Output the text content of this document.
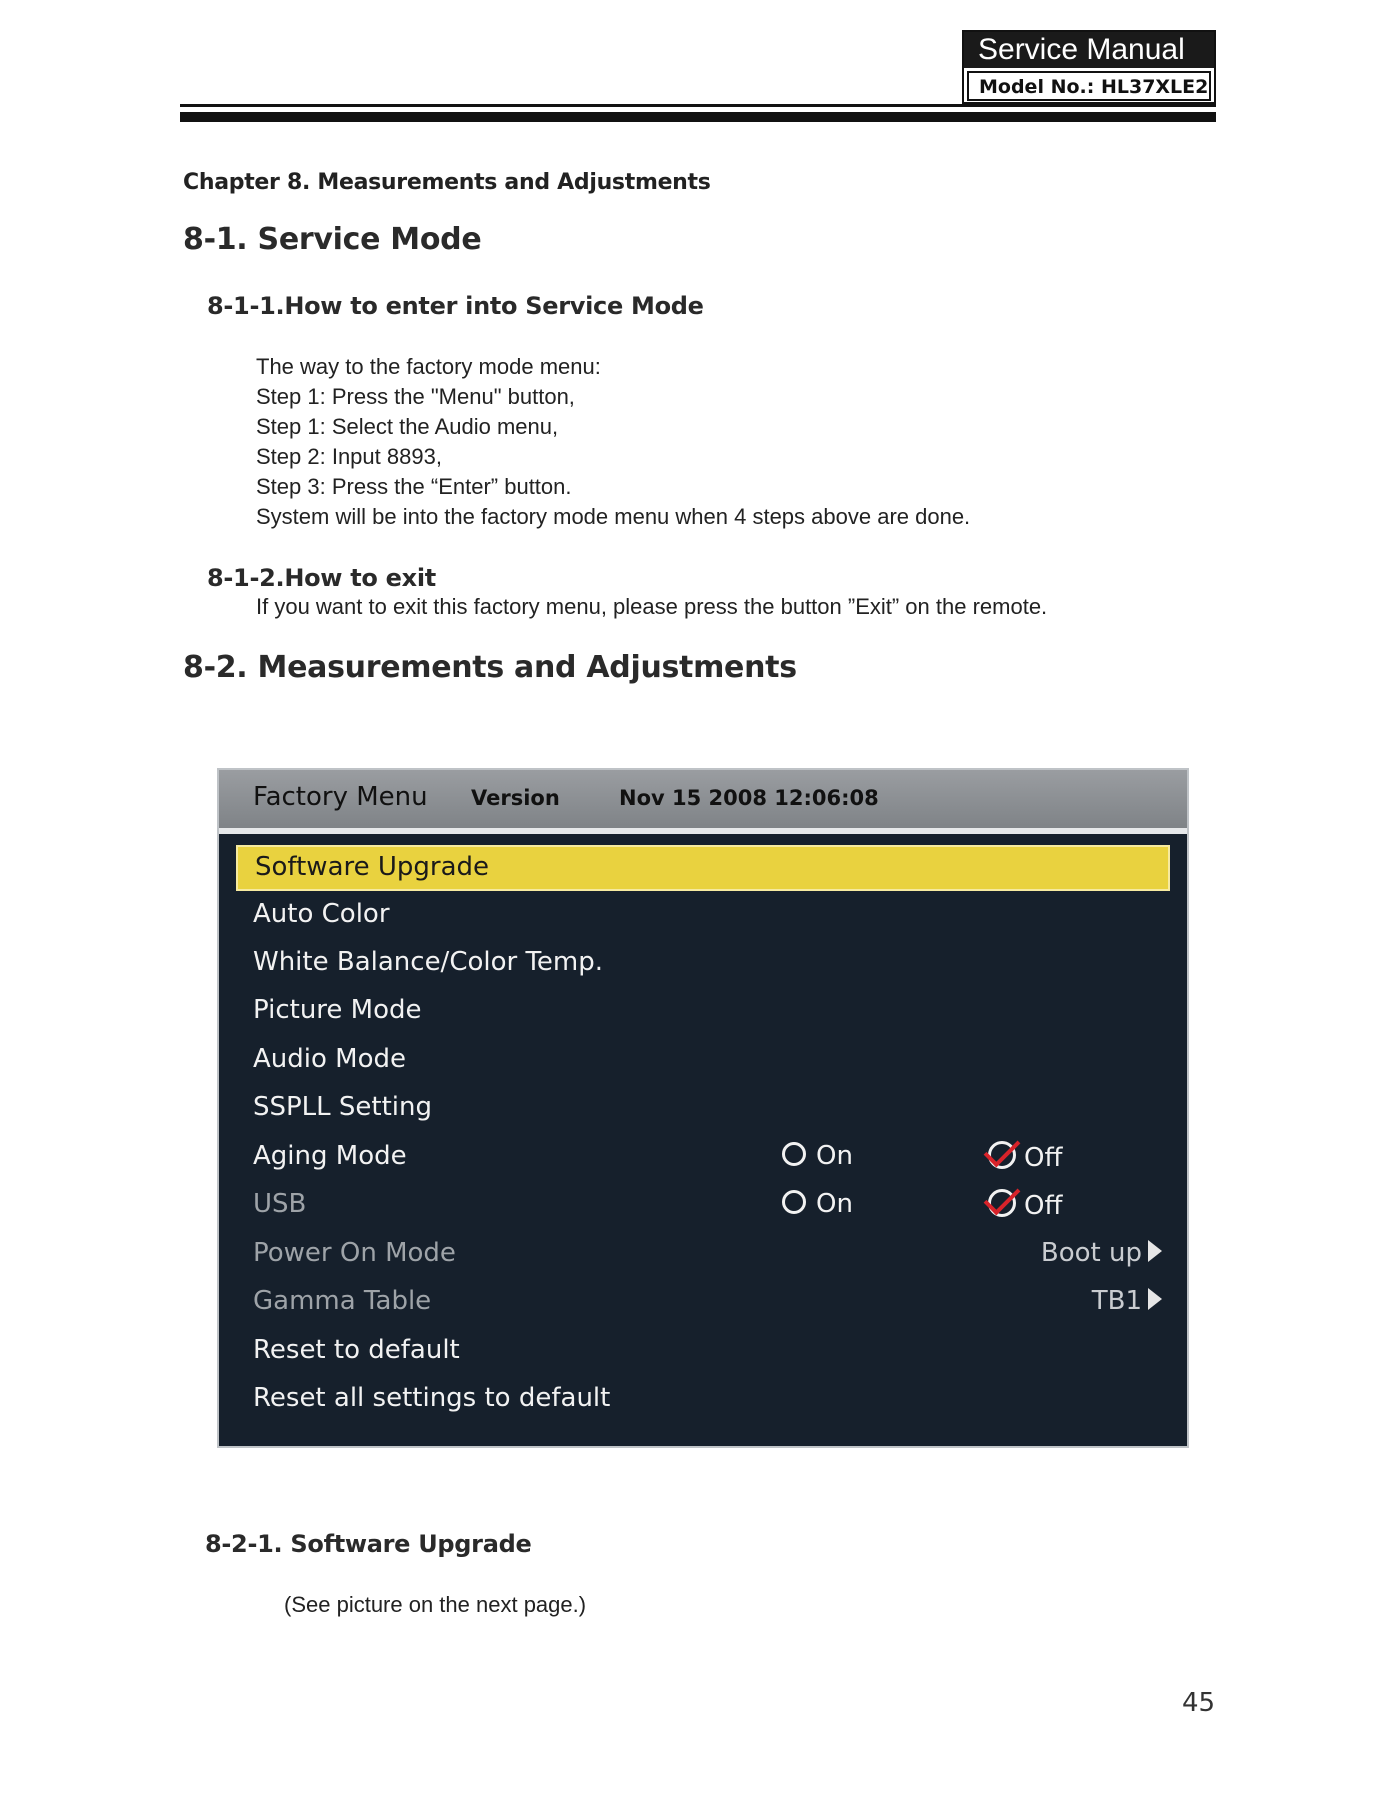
Service Manual
Model No.: HL37XLE2
Chapter 8. Measurements and Adjustments
8-1. Service Mode
8-1-1.How to enter into Service Mode
The way to the factory mode menu:
Step 1: Press the "Menu" button,
Step 1: Select the Audio menu,
Step 2: Input 8893,
Step 3: Press the “Enter” button.
System will be into the factory mode menu when 4 steps above are done.
8-1-2.How to exit
If you want to exit this factory menu, please press the button ”Exit” on the remote.
8-2. Measurements and Adjustments
Factory Menu Version	Nov 15 2008 12:06:08
Software Upgrade
Auto Color
White Balance/Color Temp.
Picture Mode
Audio Mode
SSPLL Setting
Aging Mode	On	Off
USB	On	Off
Power On Mode	Boot up
Gamma Table	TB1
Reset to default
Reset all settings to default
8-2-1. Software Upgrade
(See picture on the next page.)
45
